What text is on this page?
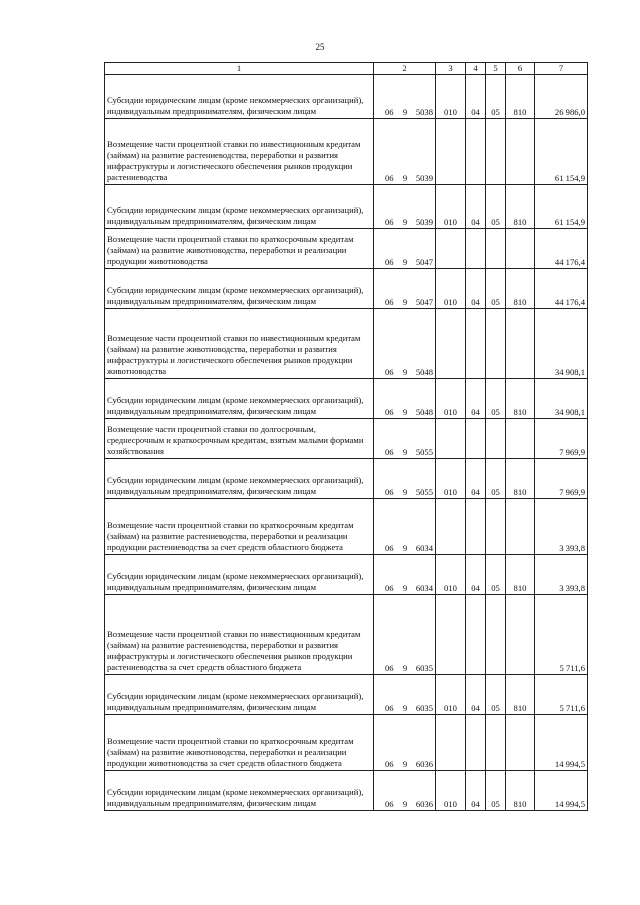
25
1	2	3	4	5	6	7

Субсидии юридическим лицам (кроме некоммерческих организаций), индивидуальным предпринимателям, физическим лицам	06 9 5038	010	04	05	810	26 986,0

Возмещение части процентной ставки по инвестиционным кредитам (займам) на развитие растениеводства, переработки и развития инфраструктуры и логистического обеспечения рынков продукции растениеводства	06 9 5039					61 154,9

Субсидии юридическим лицам (кроме некоммерческих организаций), индивидуальным предпринимателям, физическим лицам	06 9 5039	010	04	05	810	61 154,9

Возмещение части процентной ставки по краткосрочным кредитам (займам) на развитие животноводства, переработки и реализации продукции животноводства	06 9 5047					44 176,4

Субсидии юридическим лицам (кроме некоммерческих организаций), индивидуальным предпринимателям, физическим лицам	06 9 5047	010	04	05	810	44 176,4

Возмещение части процентной ставки по инвестиционным кредитам (займам) на развитие животноводства, переработки и развития инфраструктуры и логистического обеспечения рынков продукции животноводства	06 9 5048					34 908,1

Субсидии юридическим лицам (кроме некоммерческих организаций), индивидуальным предпринимателям, физическим лицам	06 9 5048	010	04	05	810	34 908,1

Возмещение части процентной ставки по долгосрочным, среднесрочным и краткосрочным кредитам, взятым малыми формами хозяйствования	06 9 5055					7 969,9

Субсидии юридическим лицам (кроме некоммерческих организаций), индивидуальным предпринимателям, физическим лицам	06 9 5055	010	04	05	810	7 969,9

Возмещение части процентной ставки по краткосрочным кредитам (займам) на развитие растениеводства, переработки и реализации продукции растениеводства за счет средств областного бюджета	06 9 6034					3 393,8

Субсидии юридическим лицам (кроме некоммерческих организаций), индивидуальным предпринимателям, физическим лицам	06 9 6034	010	04	05	810	3 393,8

Возмещение части процентной ставки по инвестиционным кредитам (займам) на развитие растениеводства, переработки и развития инфраструктуры и логистического обеспечения рынков продукции растениеводства за счет средств областного бюджета	06 9 6035					5 711,6

Субсидии юридическим лицам (кроме некоммерческих организаций), индивидуальным предпринимателям, физическим лицам	06 9 6035	010	04	05	810	5 711,6

Возмещение части процентной ставки по краткосрочным кредитам (займам) на развитие животноводства, переработки и реализации продукции животноводства за счет средств областного бюджета	06 9 6036					14 994,5

Субсидии юридическим лицам (кроме некоммерческих организаций), индивидуальным предпринимателям, физическим лицам	06 9 6036	010	04	05	810	14 994,5
